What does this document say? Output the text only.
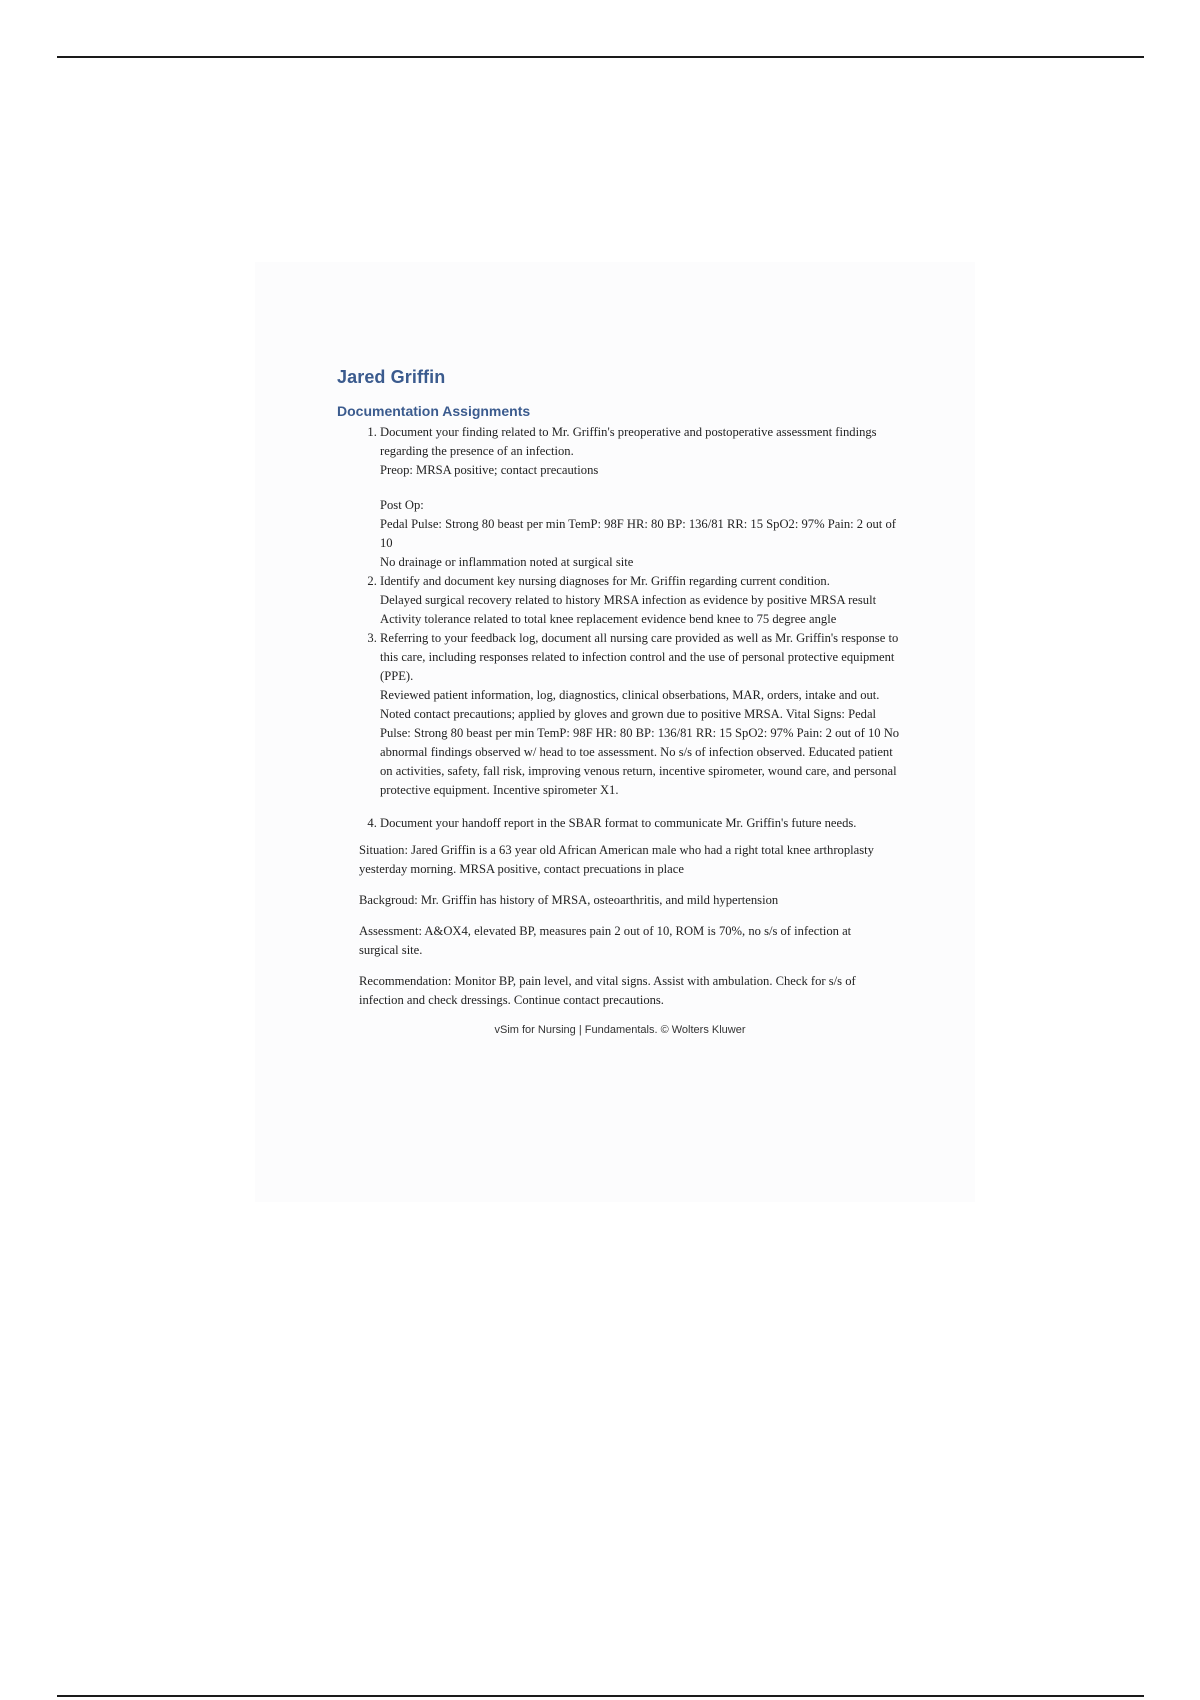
Jared Griffin
Documentation Assignments
1. Document your finding related to Mr. Griffin's preoperative and postoperative assessment findings regarding the presence of an infection.
Preop: MRSA positive; contact precautions
Post Op:
Pedal Pulse: Strong 80 beast per min TemP: 98F HR: 80 BP: 136/81 RR: 15 SpO2: 97% Pain: 2 out of 10
No drainage or inflammation noted at surgical site
2. Identify and document key nursing diagnoses for Mr. Griffin regarding current condition.
Delayed surgical recovery related to history MRSA infection as evidence by positive MRSA result
Activity tolerance related to total knee replacement evidence bend knee to 75 degree angle
3. Referring to your feedback log, document all nursing care provided as well as Mr. Griffin's response to this care, including responses related to infection control and the use of personal protective equipment (PPE).
Reviewed patient information, log, diagnostics, clinical obserbations, MAR, orders, intake and out. Noted contact precautions; applied by gloves and grown due to positive MRSA. Vital Signs: Pedal Pulse: Strong 80 beast per min TemP: 98F HR: 80 BP: 136/81 RR: 15 SpO2: 97% Pain: 2 out of 10 No abnormal findings observed w/ head to toe assessment. No s/s of infection observed. Educated patient on activities, safety, fall risk, improving venous return, incentive spirometer, wound care, and personal protective equipment. Incentive spirometer X1.
4. Document your handoff report in the SBAR format to communicate Mr. Griffin's future needs.

Situation: Jared Griffin is a 63 year old African American male who had a right total knee arthroplasty yesterday morning. MRSA positive, contact precuations in place

Backgroud: Mr. Griffin has history of MRSA, osteoarthritis, and mild hypertension

Assessment: A&OX4, elevated BP, measures pain 2 out of 10, ROM is 70%, no s/s of infection at surgical site.

Recommendation: Monitor BP, pain level, and vital signs. Assist with ambulation. Check for s/s of infection and check dressings. Continue contact precautions.

vSim for Nursing | Fundamentals. © Wolters Kluwer
